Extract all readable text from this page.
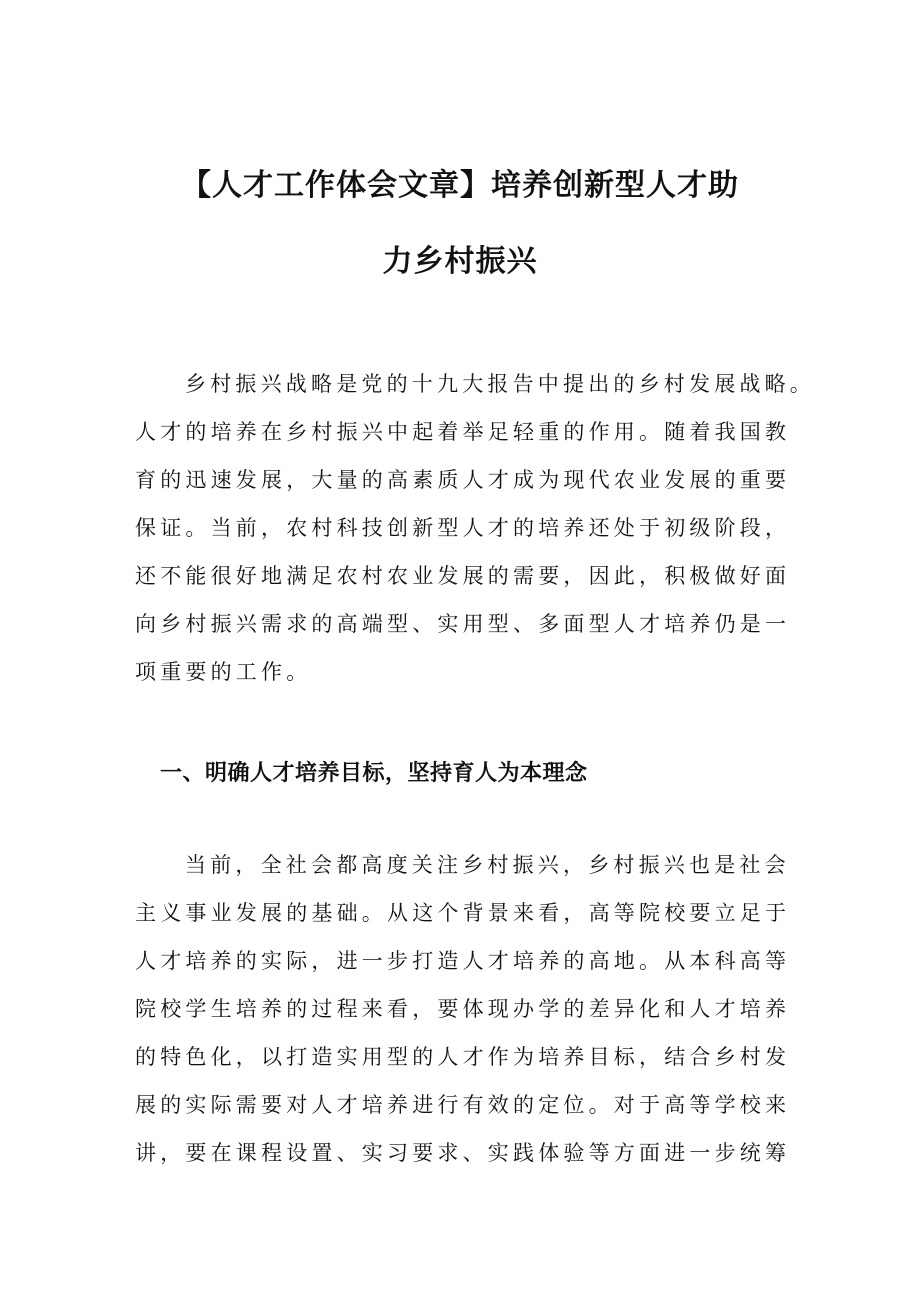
【人才工作体会文章】培养创新型人才助
力乡村振兴
乡村振兴战略是党的十九大报告中提出的乡村发展战略。
人才的培养在乡村振兴中起着举足轻重的作用。随着我国教
育的迅速发展，大量的高素质人才成为现代农业发展的重要
保证。当前，农村科技创新型人才的培养还处于初级阶段，
还不能很好地满足农村农业发展的需要，因此，积极做好面
向乡村振兴需求的高端型、实用型、多面型人才培养仍是一
项重要的工作。
一、明确人才培养目标，坚持育人为本理念
当前，全社会都高度关注乡村振兴，乡村振兴也是社会
主义事业发展的基础。从这个背景来看，高等院校要立足于
人才培养的实际，进一步打造人才培养的高地。从本科高等
院校学生培养的过程来看，要体现办学的差异化和人才培养
的特色化，以打造实用型的人才作为培养目标，结合乡村发
展的实际需要对人才培养进行有效的定位。对于高等学校来
讲，要在课程设置、实习要求、实践体验等方面进一步统筹
